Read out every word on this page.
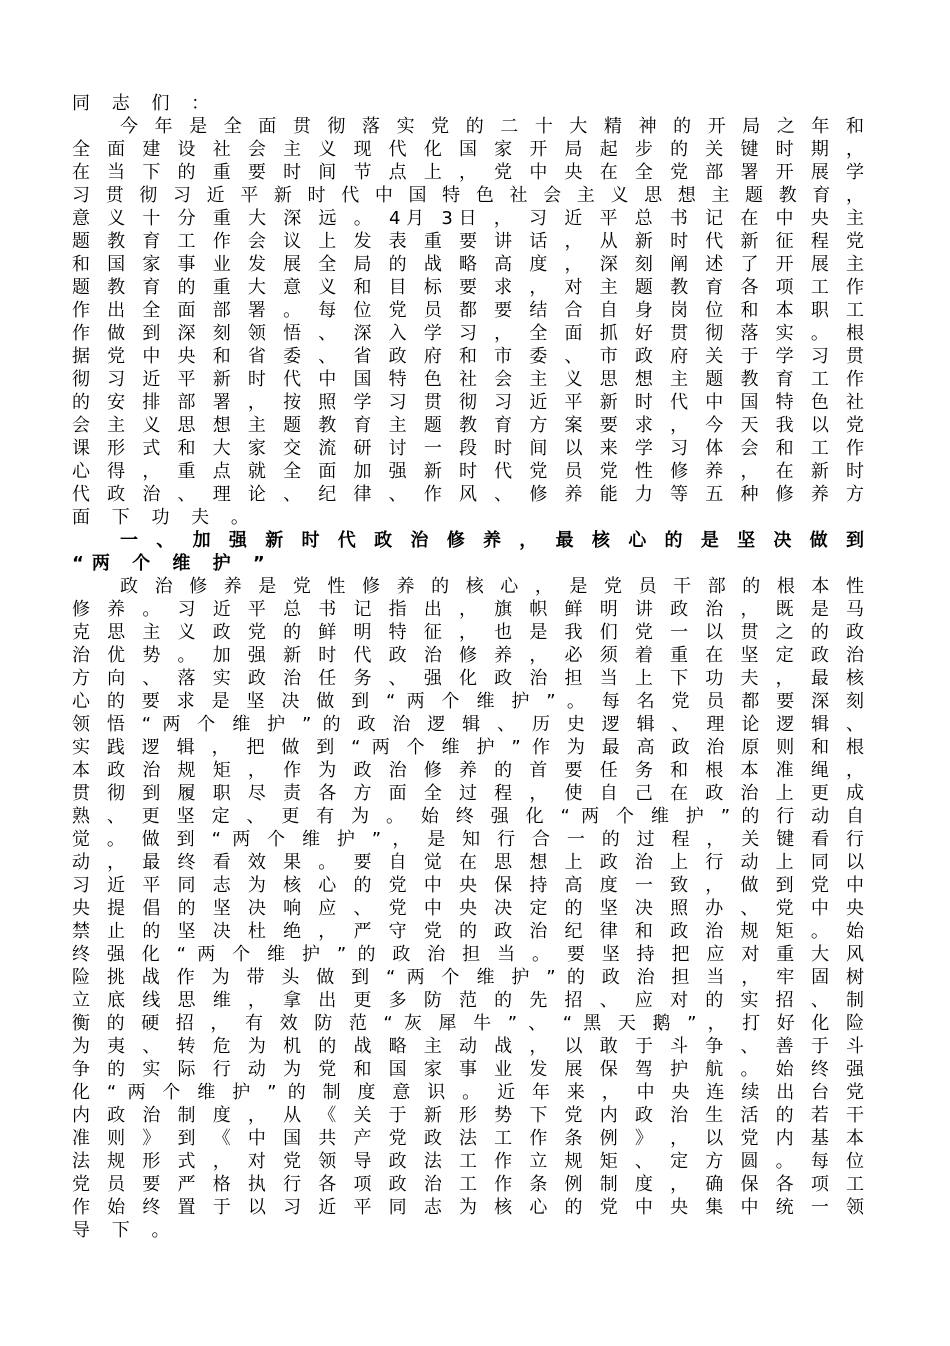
同 志 们 ：
今 年 是 全 面 贯 彻 落 实 党 的 二 十 大 精 神 的 开 局 之 年 和
全 面 建 设 社 会 主 义 现 代 化 国 家 开 局 起 步 的 关 键 时 期 ，
在 当 下 的 重 要 时 间 节 点 上 ， 党 中 央 在 全 党 部 署 开 展 学
习 贯 彻 习 近 平 新 时 代 中 国 特 色 社 会 主 义 思 想 主 题 教 育 ，
意 义 十 分 重 大 深 远 。 4月 3日 ， 习 近 平 总 书 记 在 中 央 主
题 教 育 工 作 会 议 上 发 表 重 要 讲 话 ， 从 新 时 代 新 征 程 党
和 国 家 事 业 发 展 全 局 的 战 略 高 度 ， 深 刻 阐 述 了 开 展 主
题 教 育 的 重 大 意 义 和 目 标 要 求 ， 对 主 题 教 育 各 项 工 作
作 出 全 面 部 署 。 每 位 党 员 都 要 结 合 自 身 岗 位 和 本 职 工
作 做 到 深 刻 领 悟 、 深 入 学 习 ， 全 面 抓 好 贯 彻 落 实 。 根
据 党 中 央 和 省 委 、 省 政 府 和 市 委 、 市 政 府 关 于 学 习 贯
彻 习 近 平 新 时 代 中 国 特 色 社 会 主 义 思 想 主 题 教 育 工 作
的 安 排 部 署 ， 按 照 学 习 贯 彻 习 近 平 新 时 代 中 国 特 色 社
会 主 义 思 想 主 题 教 育 主 题 教 育 方 案 要 求 ， 今 天 我 以 党
课 形 式 和 大 家 交 流 研 讨 一 段 时 间 以 来 学 习 体 会 和 工 作
心 得 ， 重 点 就 全 面 加 强 新 时 代 党 员 党 性 修 养 ， 在 新 时
代 政 治 、 理 论 、 纪 律 、 作 风 、 修 养 能 力 等 五 种 修 养 方
面 下 功 夫 。
一 、 加 强 新 时 代 政 治 修 养 ， 最 核 心 的 是 坚 决 做 到
“两 个 维 护 ”
政 治 修 养 是 党 性 修 养 的 核 心 ， 是 党 员 干 部 的 根 本 性
修 养 。 习 近 平 总 书 记 指 出 ， 旗 帜 鲜 明 讲 政 治 ， 既 是 马
克 思 主 义 政 党 的 鲜 明 特 征 ， 也 是 我 们 党 一 以 贯 之 的 政
治 优 势 。 加 强 新 时 代 政 治 修 养 ， 必 须 着 重 在 坚 定 政 治
方 向 、 落 实 政 治 任 务 、 强 化 政 治 担 当 上 下 功 夫 ， 最 核
心 的 要 求 是 坚 决 做 到 “ 两 个 维 护 ” 。 每 名 党 员 都 要 深 刻
领 悟 “ 两 个 维 护 ” 的 政 治 逻 辑 、 历 史 逻 辑 、 理 论 逻 辑 、
实 践 逻 辑 ， 把 做 到 “ 两 个 维 护 ” 作 为 最 高 政 治 原 则 和 根
本 政 治 规 矩 ， 作 为 政 治 修 养 的 首 要 任 务 和 根 本 准 绳 ，
贯 彻 到 履 职 尽 责 各 方 面 全 过 程 ， 使 自 己 在 政 治 上 更 成
熟 、 更 坚 定 、 更 有 为 。 始 终 强 化 “ 两 个 维 护 ” 的 行 动 自
觉 。 做 到 “ 两 个 维 护 ” ， 是 知 行 合 一 的 过 程 ， 关 键 看 行
动 ， 最 终 看 效 果 。 要 自 觉 在 思 想 上 政 治 上 行 动 上 同 以
习 近 平 同 志 为 核 心 的 党 中 央 保 持 高 度 一 致 ， 做 到 党 中
央 提 倡 的 坚 决 响 应 、 党 中 央 决 定 的 坚 决 照 办 、 党 中 央
禁 止 的 坚 决 杜 绝 ， 严 守 党 的 政 治 纪 律 和 政 治 规 矩 。 始
终 强 化 “ 两 个 维 护 ” 的 政 治 担 当 。 要 坚 持 把 应 对 重 大 风
险 挑 战 作 为 带 头 做 到 “ 两 个 维 护 ” 的 政 治 担 当 ， 牢 固 树
立 底 线 思 维 ， 拿 出 更 多 防 范 的 先 招 、 应 对 的 实 招 、 制
衡 的 硬 招 ， 有 效 防 范 “ 灰 犀 牛 ” 、 “ 黑 天 鹅 ” ， 打 好 化 险
为 夷 、 转 危 为 机 的 战 略 主 动 战 ， 以 敢 于 斗 争 、 善 于 斗
争 的 实 际 行 动 为 党 和 国 家 事 业 发 展 保 驾 护 航 。 始 终 强
化 “ 两 个 维 护 ” 的 制 度 意 识 。 近 年 来 ， 中 央 连 续 出 台 党
内 政 治 制 度 ， 从 《 关 于 新 形 势 下 党 内 政 治 生 活 的 若 干
准 则 》 到 《 中 国 共 产 党 政 法 工 作 条 例 》 ， 以 党 内 基 本
法 规 形 式 ， 对 党 领 导 政 法 工 作 立 规 矩 、 定 方 圆 。 每 位
党 员 要 严 格 执 行 各 项 政 治 工 作 条 例 制 度 ， 确 保 各 项 工
作 始 终 置 于 以 习 近 平 同 志 为 核 心 的 党 中 央 集 中 统 一 领
导 下 。
